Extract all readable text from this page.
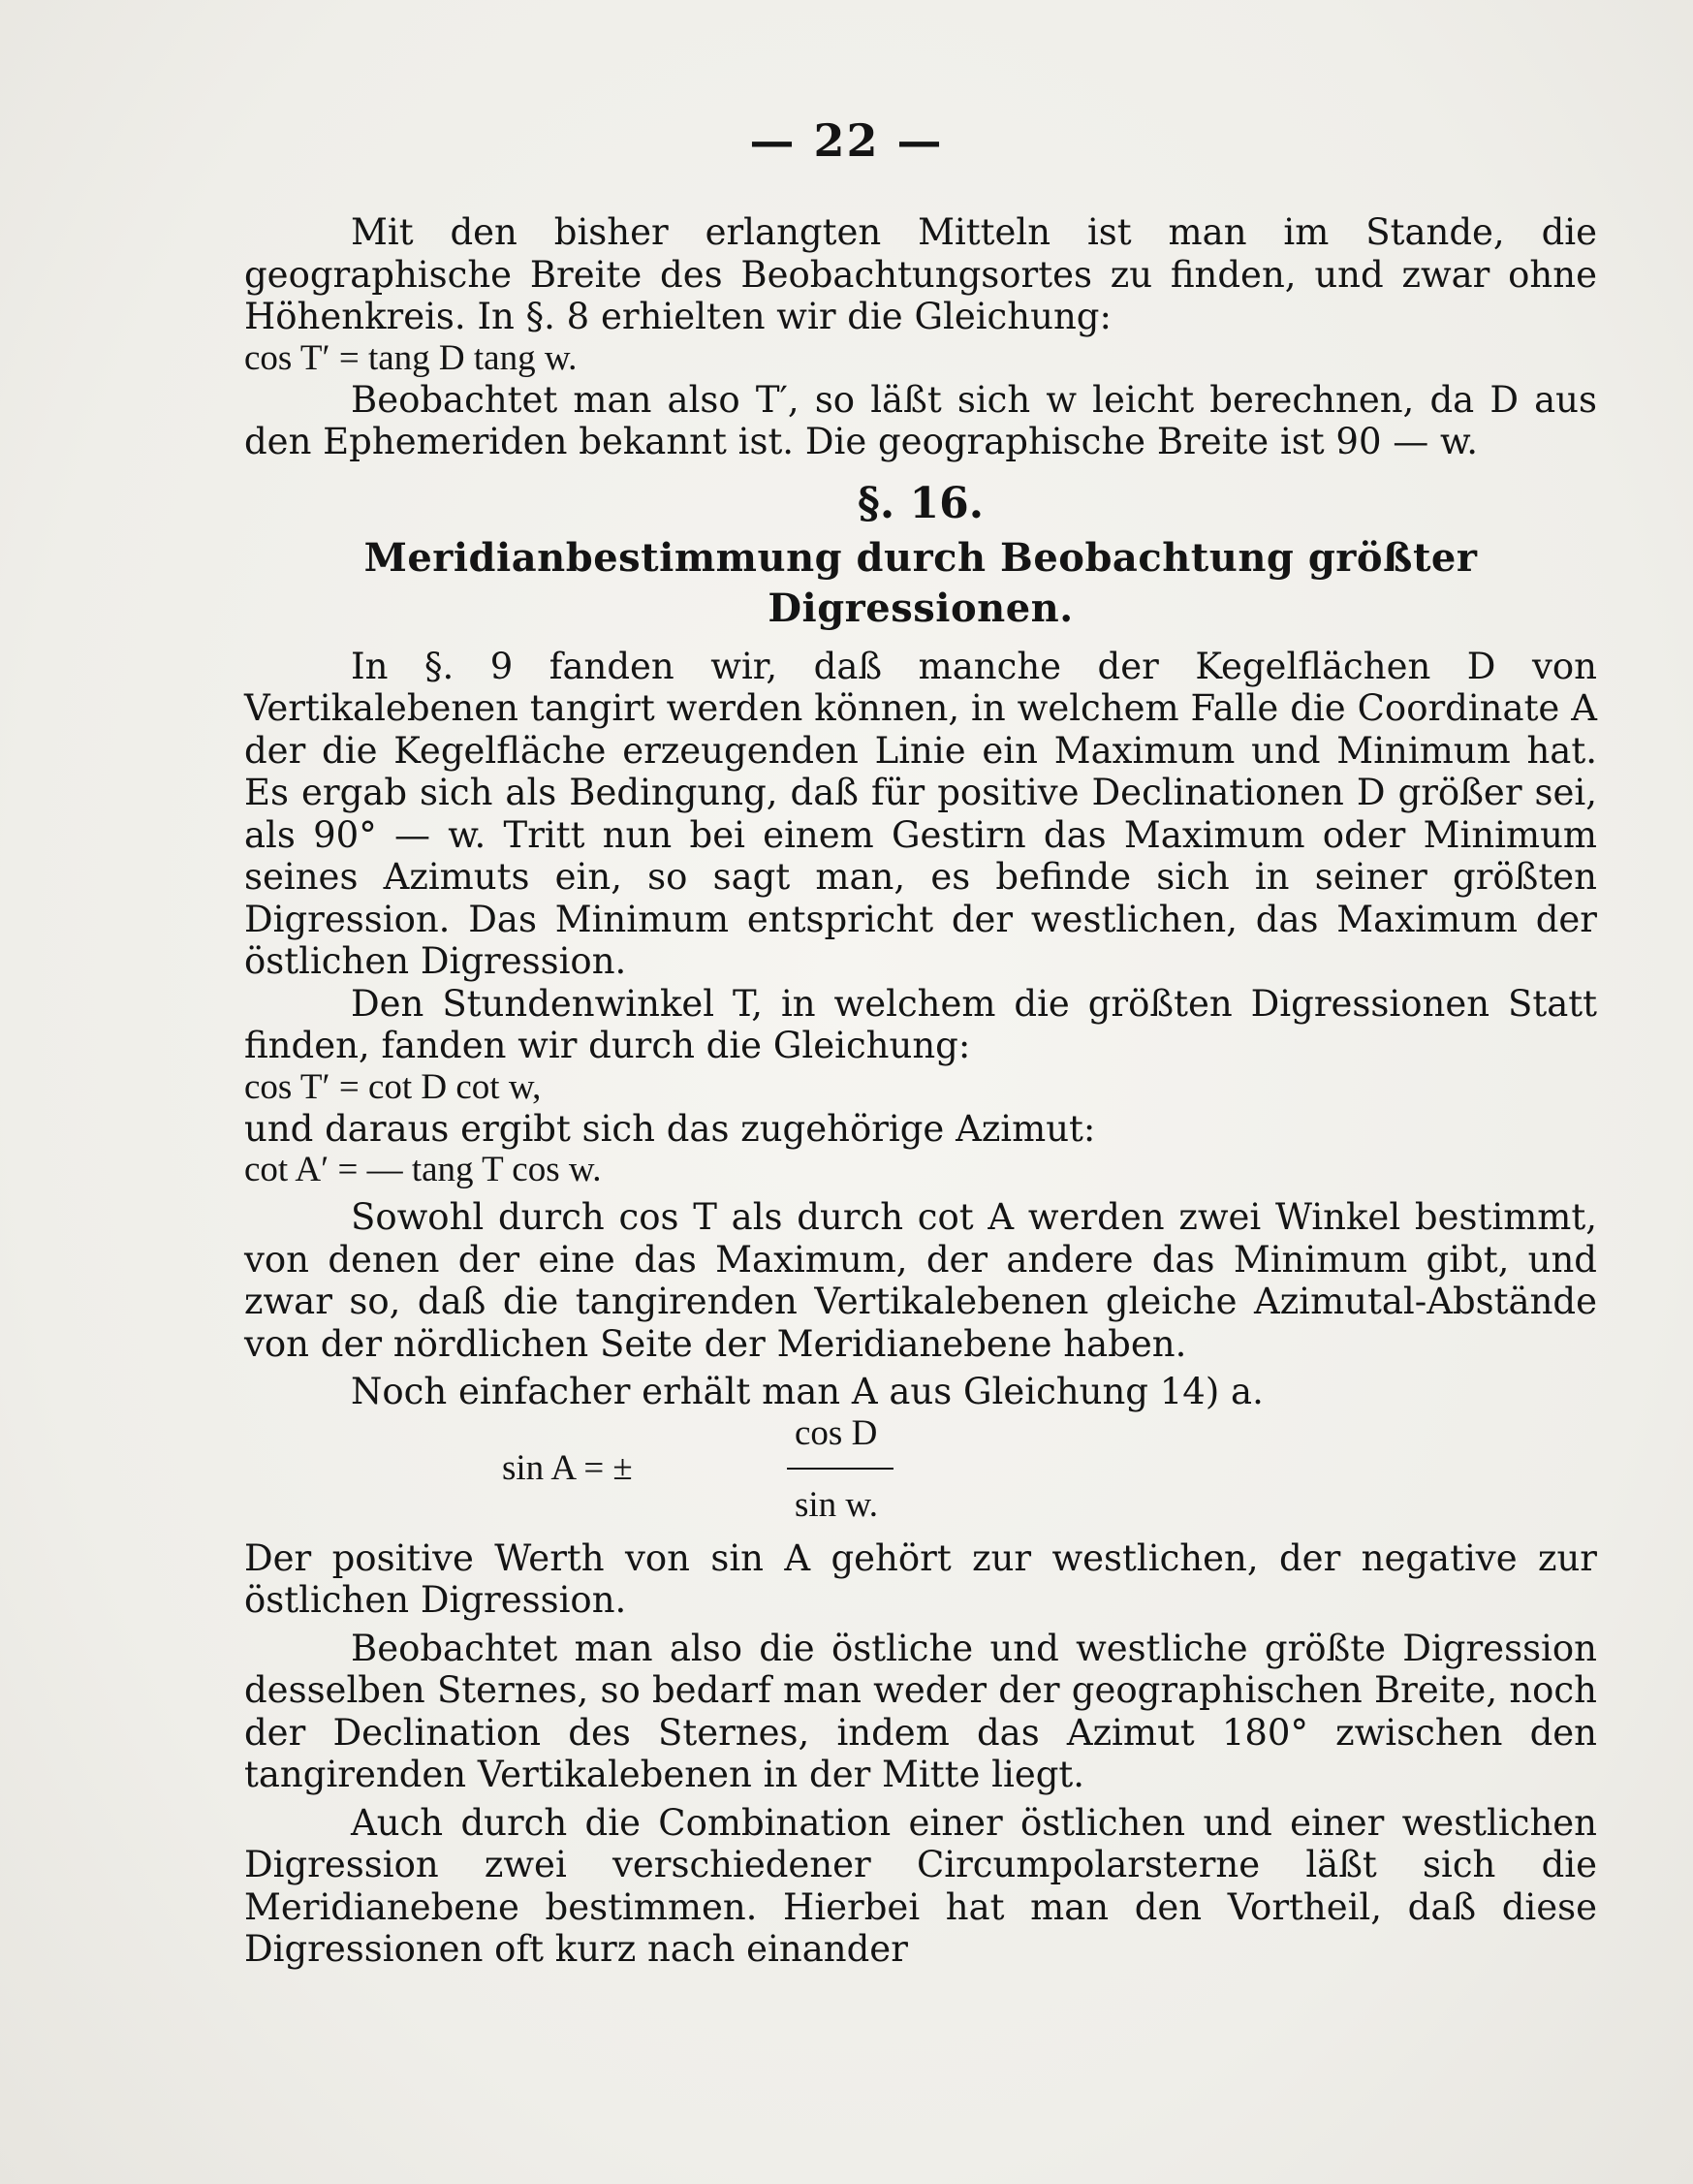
— 22 —

Mit den bisher erlangten Mitteln ist man im Stande, die geographische Breite des Beobachtungsortes zu finden, und zwar ohne Höhenkreis. In §. 8 erhielten wir die Gleichung:

cos T′ = tang D tang w.

Beobachtet man also T′, so läßt sich w leicht berechnen, da D aus den Ephemeriden bekannt ist. Die geographische Breite ist 90 — w.

§. 16.
Meridianbestimmung durch Beobachtung größter Digressionen.

In §. 9 fanden wir, daß manche der Kegelflächen D von Vertikalebenen tangirt werden können, in welchem Falle die Coordinate A der die Kegelfläche erzeugenden Linie ein Maximum und Minimum hat. Es ergab sich als Bedingung, daß für positive Declinationen D größer sei, als 90° — w. Tritt nun bei einem Gestirn das Maximum oder Minimum seines Azimuts ein, so sagt man, es befinde sich in seiner größten Digression. Das Minimum entspricht der westlichen, das Maximum der östlichen Digression.

Den Stundenwinkel T, in welchem die größten Digressionen Statt finden, fanden wir durch die Gleichung:

cos T′ = cot D cot w,

und daraus ergibt sich das zugehörige Azimut:

cot A′ = — tang T cos w.

Sowohl durch cos T als durch cot A werden zwei Winkel bestimmt, von denen der eine das Maximum, der andere das Minimum gibt, und zwar so, daß die tangirenden Vertikalebenen gleiche Azimutal-Abstände von der nördlichen Seite der Meridianebene haben.

Noch einfacher erhält man A aus Gleichung 14) a.

sin A = ±
cos D
sin w.

Der positive Werth von sin A gehört zur westlichen, der negative zur östlichen Digression.

Beobachtet man also die östliche und westliche größte Digression desselben Sternes, so bedarf man weder der geographischen Breite, noch der Declination des Sternes, indem das Azimut 180° zwischen den tangirenden Vertikalebenen in der Mitte liegt.

Auch durch die Combination einer östlichen und einer westlichen Digression zwei verschiedener Circumpolarsterne läßt sich die Meridianebene bestimmen. Hierbei hat man den Vortheil, daß diese Digressionen oft kurz nach einander
